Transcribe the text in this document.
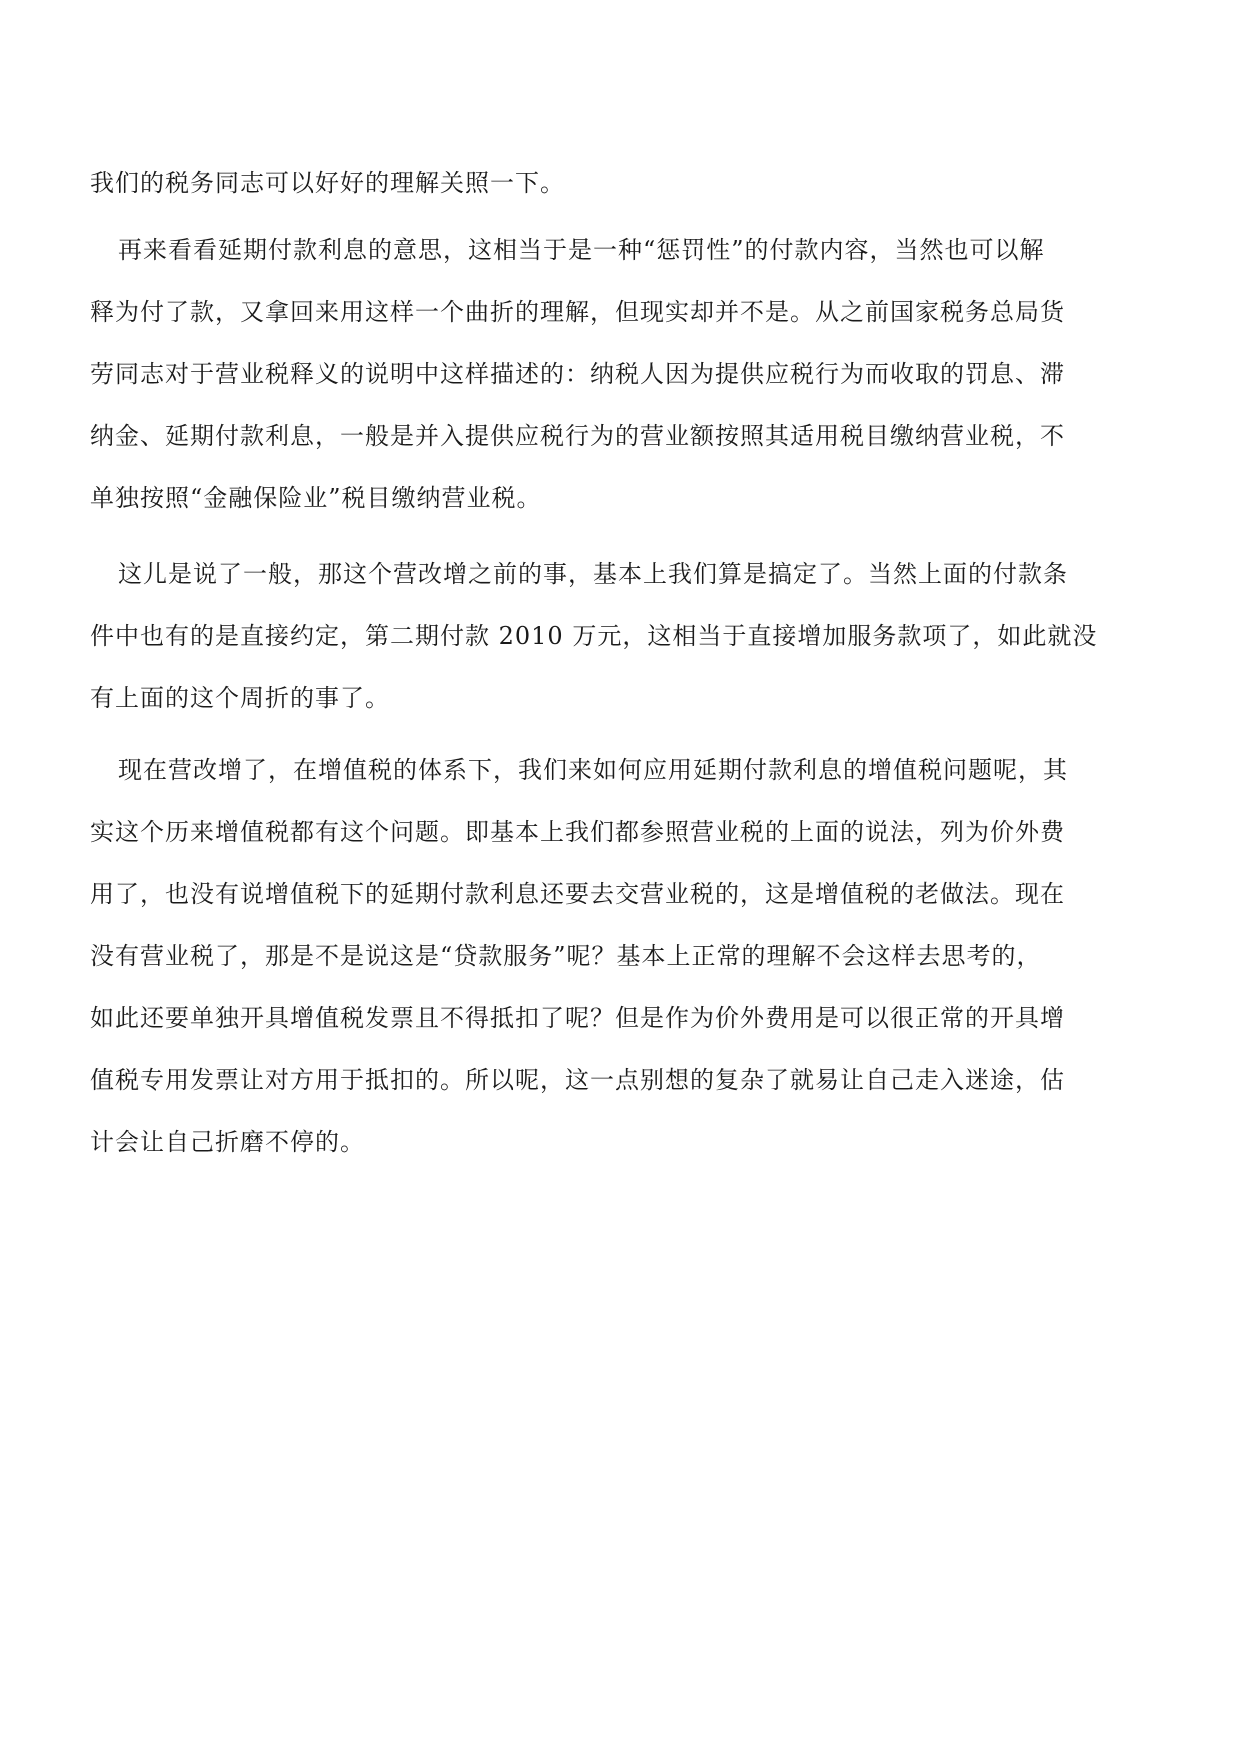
我们的税务同志可以好好的理解关照一下。
再来看看延期付款利息的意思，这相当于是一种“惩罚性”的付款内容，当然也可以解
释为付了款，又拿回来用这样一个曲折的理解，但现实却并不是。从之前国家税务总局货
劳同志对于营业税释义的说明中这样描述的：纳税人因为提供应税行为而收取的罚息、滞
纳金、延期付款利息，一般是并入提供应税行为的营业额按照其适用税目缴纳营业税，不
单独按照“金融保险业”税目缴纳营业税。
这儿是说了一般，那这个营改增之前的事，基本上我们算是搞定了。当然上面的付款条
件中也有的是直接约定，第二期付款 2010 万元，这相当于直接增加服务款项了，如此就没
有上面的这个周折的事了。
现在营改增了，在增值税的体系下，我们来如何应用延期付款利息的增值税问题呢，其
实这个历来增值税都有这个问题。即基本上我们都参照营业税的上面的说法，列为价外费
用了，也没有说增值税下的延期付款利息还要去交营业税的，这是增值税的老做法。现在
没有营业税了，那是不是说这是“贷款服务”呢？基本上正常的理解不会这样去思考的，
如此还要单独开具增值税发票且不得抵扣了呢？但是作为价外费用是可以很正常的开具增
值税专用发票让对方用于抵扣的。所以呢，这一点别想的复杂了就易让自己走入迷途，估
计会让自己折磨不停的。
